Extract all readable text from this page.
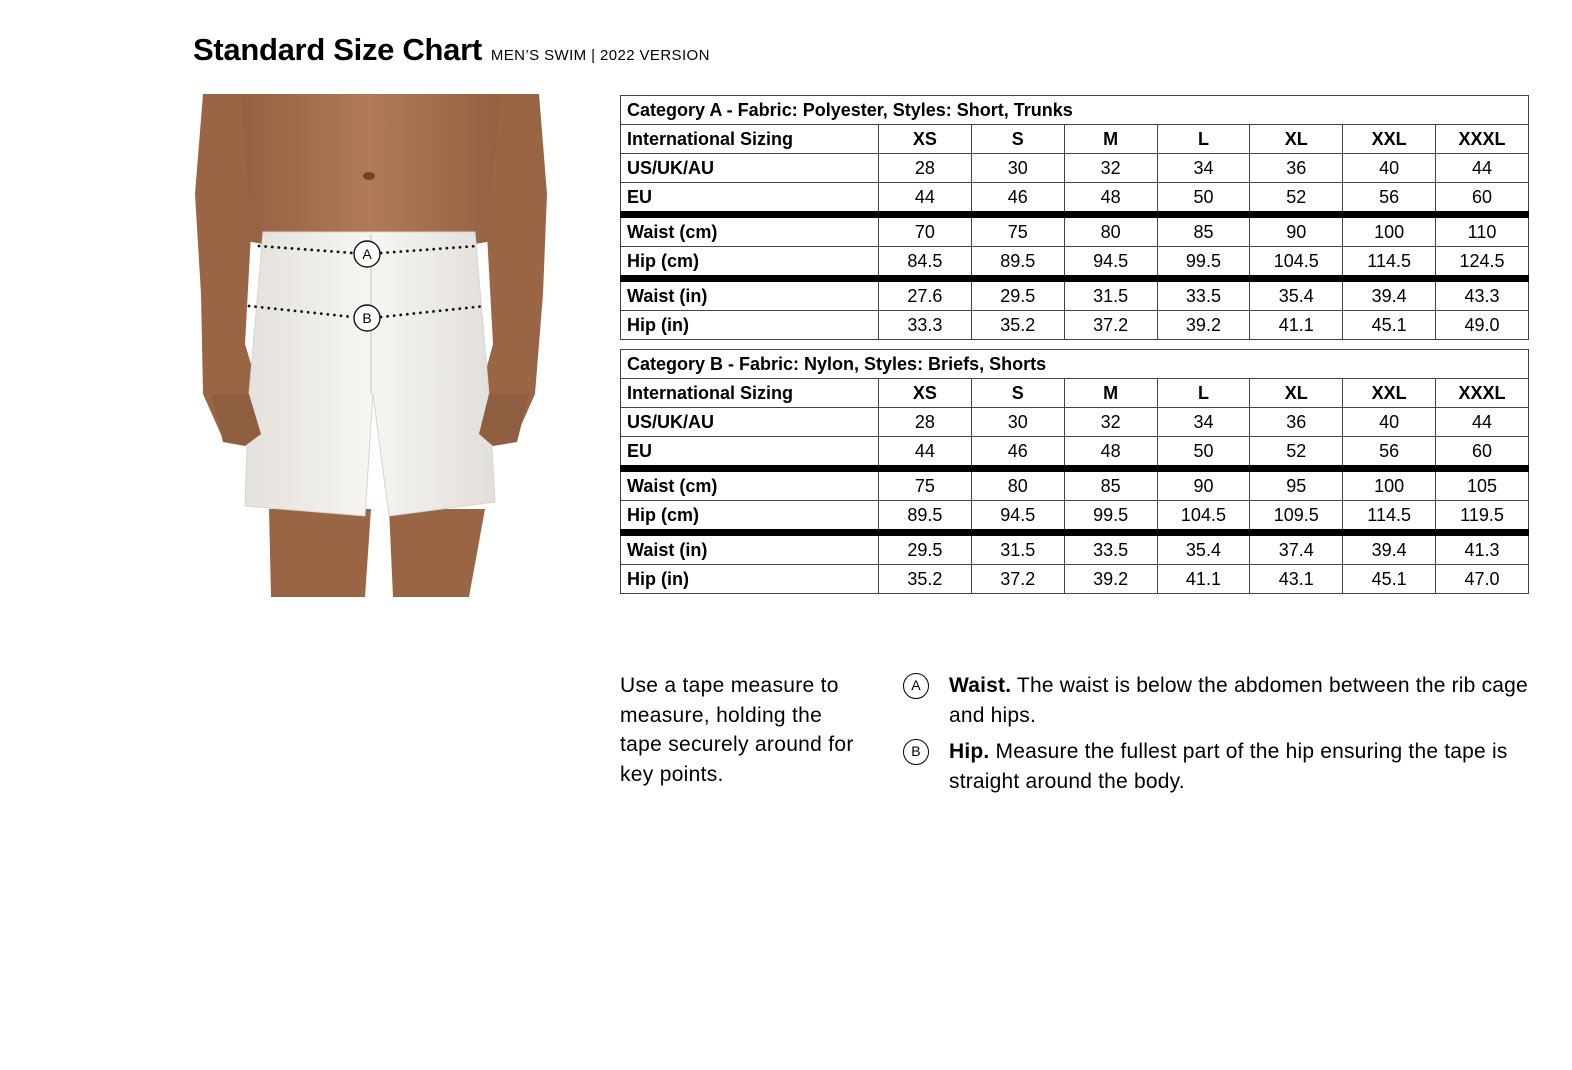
Standard Size Chart MEN’S SWIM | 2022 VERSION
A
B
Category A - Fabric: Polyester, Styles: Short, Trunks							
International Sizing	XS	S	M	L	XL	XXL	XXXL
US/UK/AU	28	30	32	34	36	40	44
EU	44	46	48	50	52	56	60
Waist (cm)	70	75	80	85	90	100	110
Hip (cm)	84.5	89.5	94.5	99.5	104.5	114.5	124.5
Waist (in)	27.6	29.5	31.5	33.5	35.4	39.4	43.3
Hip (in)	33.3	35.2	37.2	39.2	41.1	45.1	49.0
Category B - Fabric: Nylon, Styles: Briefs, Shorts							
International Sizing	XS	S	M	L	XL	XXL	XXXL
US/UK/AU	28	30	32	34	36	40	44
EU	44	46	48	50	52	56	60
Waist (cm)	75	80	85	90	95	100	105
Hip (cm)	89.5	94.5	99.5	104.5	109.5	114.5	119.5
Waist (in)	29.5	31.5	33.5	35.4	37.4	39.4	41.3
Hip (in)	35.2	37.2	39.2	41.1	43.1	45.1	47.0
Use a tape measure to measure, holding the tape securely around for key points.
A	Waist. The waist is below the abdomen between the rib cage and hips.
B	Hip. Measure the fullest part of the hip ensuring the tape is straight around the body.
